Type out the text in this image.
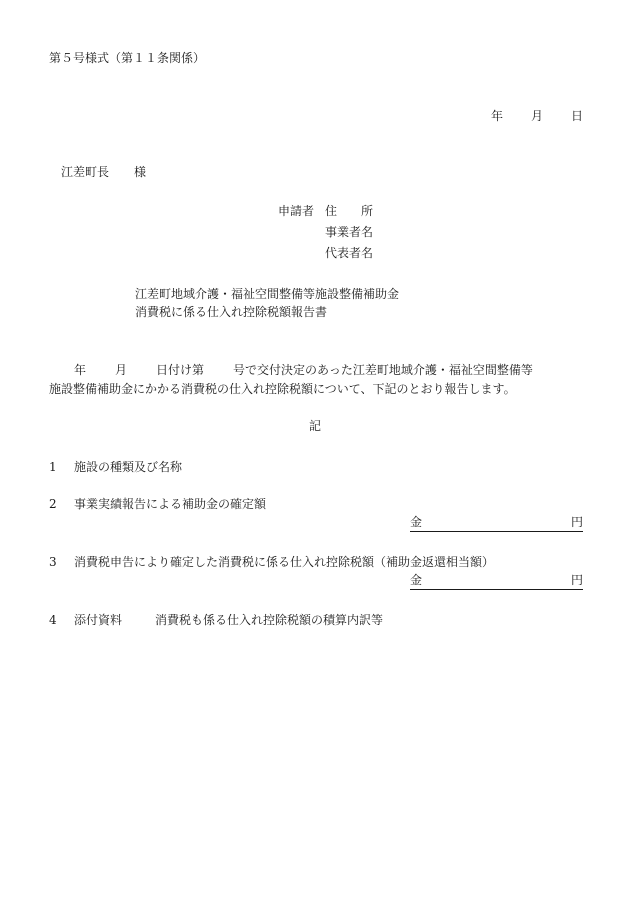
第５号様式（第１１条関係）
年 月 日
江差町長 様
申請者 住　　所
事業者名
代表者名
江差町地域介護・福祉空間整備等施設整備補助金
消費税に係る仕入れ控除税額報告書
年 月 日付け第 号で交付決定のあった江差町地域介護・福祉空間整備等
施設整備補助金にかかる消費税の仕入れ控除税額について、下記のとおり報告します。
記
1 施設の種類及び名称
2 事業実績報告による補助金の確定額
金	円
3 消費税申告により確定した消費税に係る仕入れ控除税額（補助金返還相当額）
金	円
4 添付資料	消費税も係る仕入れ控除税額の積算内訳等
